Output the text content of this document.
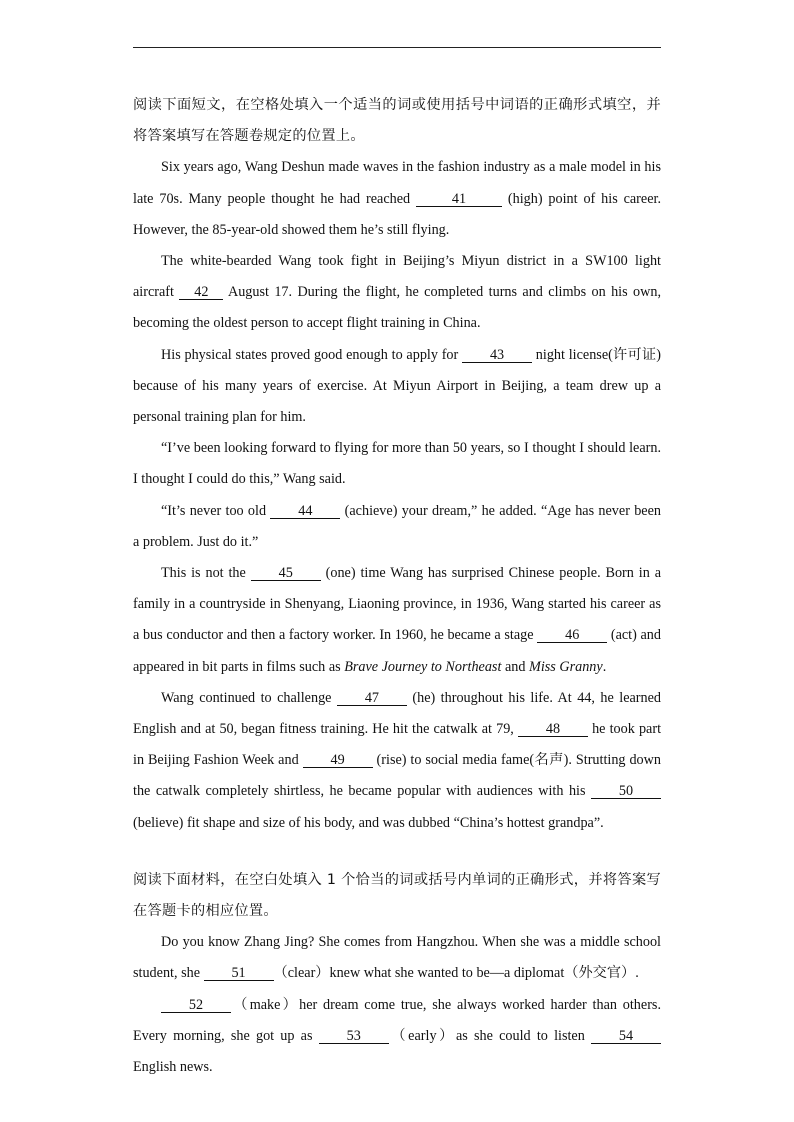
阅读下面短文，在空格处填入一个适当的词或使用括号中词语的正确形式填空，并将答案填写在答题卷规定的位置上。

Six years ago, Wang Deshun made waves in the fashion industry as a male model in his late 70s. Many people thought he had reached	41	(high) point of his career. However, the 85-year-old showed them he’s still flying.

The white-bearded Wang took fight in Beijing’s Miyun district in a SW100 light aircraft 42 August 17. During the flight, he completed turns and climbs on his own, becoming the oldest person to accept flight training in China.

His physical states proved good enough to apply for 43 night license(许可证) because of his many years of exercise. At Miyun Airport in Beijing, a team drew up a personal training plan for him.

“I’ve been looking forward to flying for more than 50 years, so I thought I should learn. I thought I could do this,” Wang said.

“It’s never too old 44 (achieve) your dream,” he added. “Age has never been a problem. Just do it.”

This is not the 45 (one) time Wang has surprised Chinese people. Born in a family in a countryside in Shenyang, Liaoning province, in 1936, Wang started his career as a bus conductor and then a factory worker. In 1960, he became a stage 46 (act) and appeared in bit parts in films such as Brave Journey to Northeast and Miss Granny.

Wang continued to challenge 47 (he) throughout his life. At 44, he learned English and at 50, began fitness training. He hit the catwalk at 79, 48 he took part in Beijing Fashion Week and 49 (rise) to social media fame(名声). Strutting down the catwalk completely shirtless, he became popular with audiences with his 50 (believe) fit shape and size of his body, and was dubbed “China’s hottest grandpa”.

阅读下面材料，在空白处填入 1 个恰当的词或括号内单词的正确形式，并将答案写在答题卡的相应位置。

Do you know Zhang Jing? She comes from Hangzhou. When she was a middle school student, she 51 （clear）knew what she wanted to be—a diplomat（外交官）.

52 （make）her dream come true, she always worked harder than others. Every morning, she got up as 53 （early）as she could to listen 54 English news.
